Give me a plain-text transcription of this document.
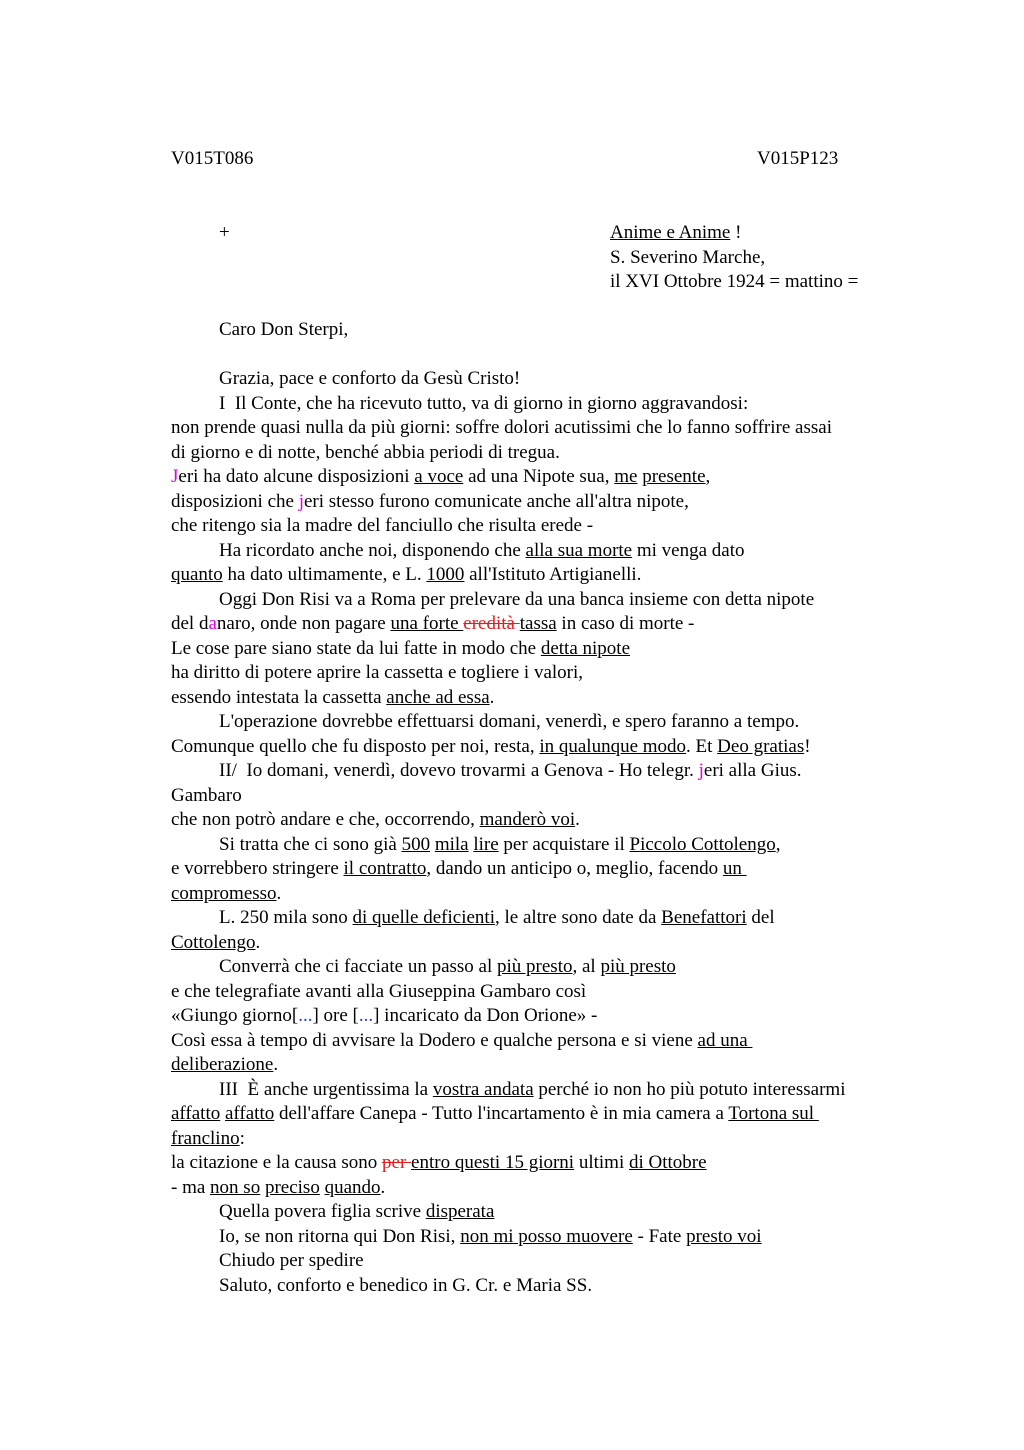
V015T086	V015P123
+	Anime e Anime !
S. Severino Marche,
il XVI Ottobre 1924 = mattino =
Caro Don Sterpi,
Grazia, pace e conforto da Gesù Cristo!
I  Il Conte, che ha ricevuto tutto, va di giorno in giorno aggravandosi:
non prende quasi nulla da più giorni: soffre dolori acutissimi che lo fanno soffrire assai
di giorno e di notte, benché abbia periodi di tregua.
Jeri ha dato alcune disposizioni a voce ad una Nipote sua, me presente,
disposizioni che jeri stesso furono comunicate anche all'altra nipote,
che ritengo sia la madre del fanciullo che risulta erede -
Ha ricordato anche noi, disponendo che alla sua morte mi venga dato
quanto ha dato ultimamente, e L. 1000 all'Istituto Artigianelli.
Oggi Don Risi va a Roma per prelevare da una banca insieme con detta nipote
del danaro, onde non pagare una forte eredità tassa in caso di morte -
Le cose pare siano state da lui fatte in modo che detta nipote
ha diritto di potere aprire la cassetta e togliere i valori,
essendo intestata la cassetta anche ad essa.
L'operazione dovrebbe effettuarsi domani, venerdì, e spero faranno a tempo.
Comunque quello che fu disposto per noi, resta, in qualunque modo. Et Deo gratias!
II/  Io domani, venerdì, dovevo trovarmi a Genova - Ho telegr. jeri alla Gius.
Gambaro
che non potrò andare e che, occorrendo, manderò voi.
Si tratta che ci sono già 500 mila lire per acquistare il Piccolo Cottolengo,
e vorrebbero stringere il contratto, dando un anticipo o, meglio, facendo un
compromesso.
L. 250 mila sono di quelle deficienti, le altre sono date da Benefattori del
Cottolengo.
Converrà che ci facciate un passo al più presto, al più presto
e che telegrafiate avanti alla Giuseppina Gambaro così
«Giungo giorno[...] ore [...] incaricato da Don Orione» -
Così essa à tempo di avvisare la Dodero e qualche persona e si viene ad una
deliberazione.
III  È anche urgentissima la vostra andata perché io non ho più potuto interessarmi
affatto affatto dell'affare Canepa - Tutto l'incartamento è in mia camera a Tortona sul
franclino:
la citazione e la causa sono per entro questi 15 giorni ultimi di Ottobre
- ma non so preciso quando.
Quella povera figlia scrive disperata
Io, se non ritorna qui Don Risi, non mi posso muovere - Fate presto voi
Chiudo per spedire
Saluto, conforto e benedico in G. Cr. e Maria SS.
